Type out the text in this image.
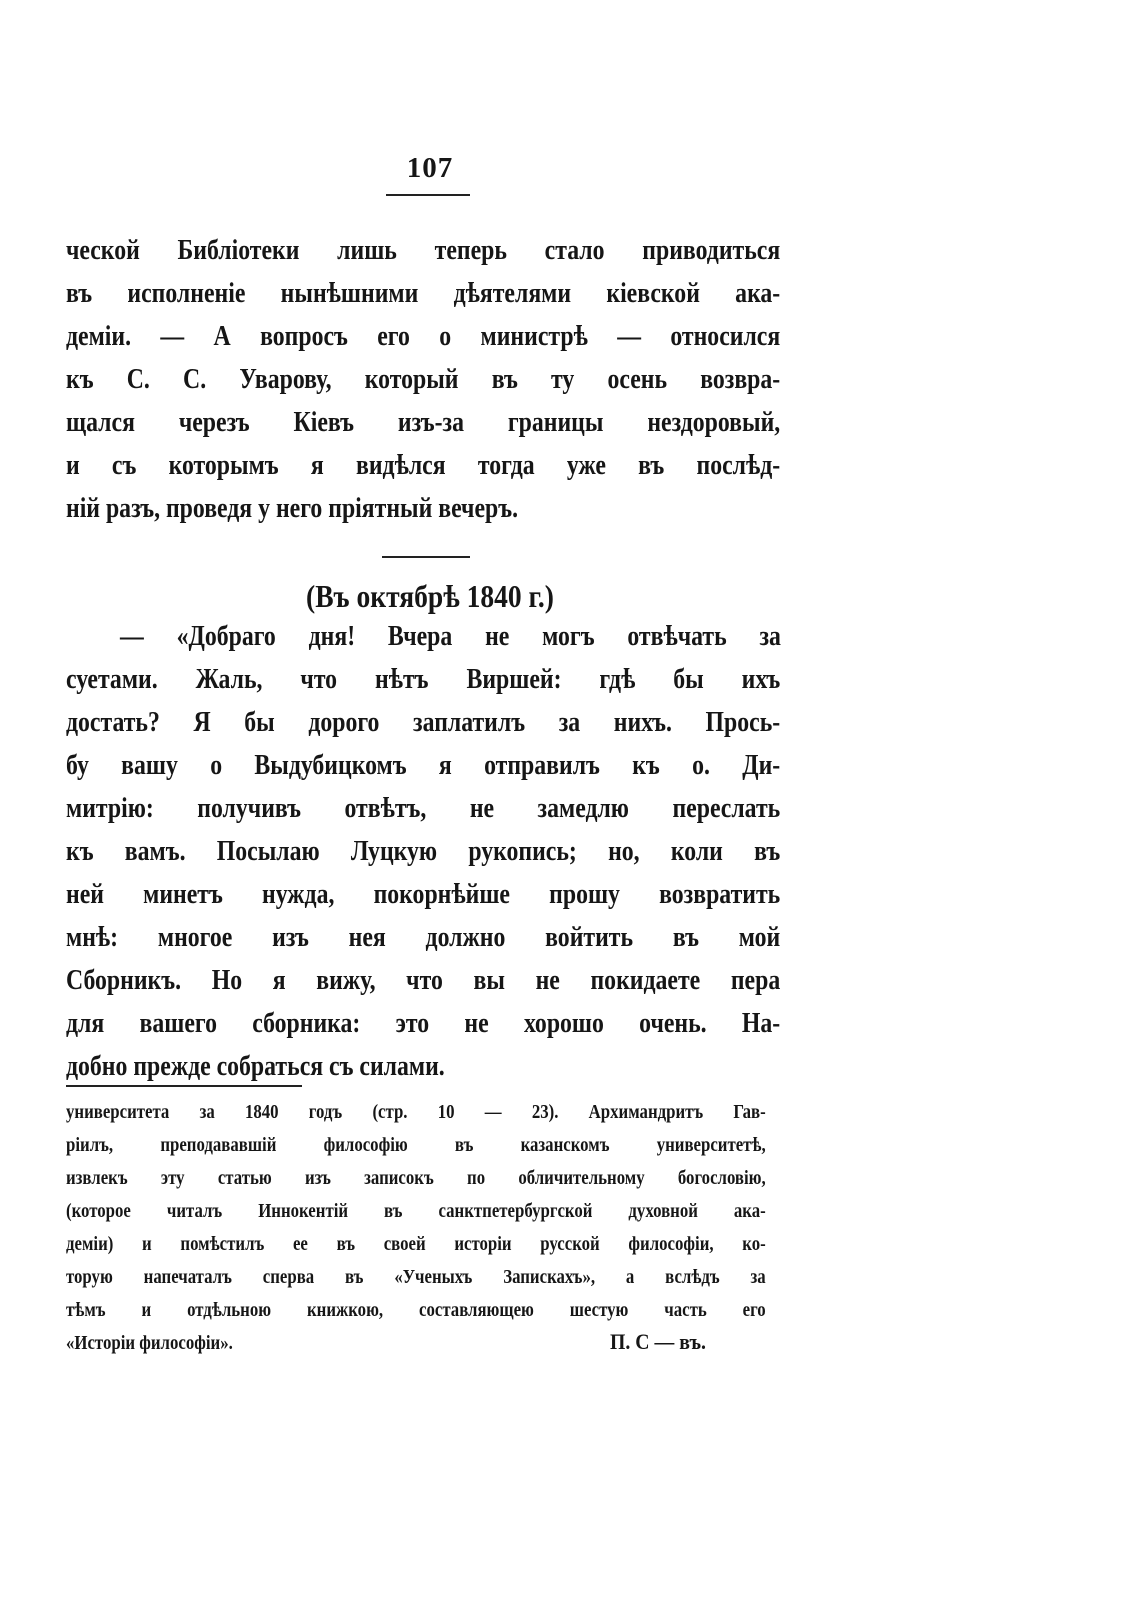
107

ческой Библіотеки лишь теперь стало приводиться

въ исполненіе нынѣшними дѣятелями кіевской ака-

деміи. — А вопросъ его о министрѣ — относился

къ С. С. Уварову, который въ ту осень возвра-

щался черезъ Кіевъ изъ-за границы нездоровый,

и съ которымъ я видѣлся тогда уже въ послѣд-

ній разъ, проведя у него пріятный вечеръ.

(Въ октябрѣ 1840 г.)

— «Добраго дня! Вчера не могъ отвѣчать за

суетами. Жаль, что нѣтъ Виршей: гдѣ бы ихъ

достать? Я бы дорого заплатилъ за нихъ. Прось-

бу вашу о Выдубицкомъ я отправилъ къ о. Ди-

митрію: получивъ отвѣтъ, не замедлю переслать

къ вамъ. Посылаю Луцкую рукопись; но, коли въ

ней минетъ нужда, покорнѣйше прошу возвратить

мнѣ: многое изъ нея должно войтить въ мой

Сборникъ. Но я вижу, что вы не покидаете пера

для вашего сборника: это не хорошо очень. На-

добно прежде собраться съ силами.

университета за 1840 годъ (стр. 10 — 23). Архимандритъ Гав-

ріилъ, преподававшій философію въ казанскомъ университетѣ,

извлекъ эту статью изъ записокъ по обличительному богословію,

(которое читалъ Иннокентій въ санктпетербургской духовной ака-

деміи) и помѣстилъ ее въ своей исторіи русской философіи, ко-

торую напечаталъ сперва въ «Ученыхъ Запискахъ», а вслѣдъ за

тѣмъ и отдѣльною книжкою, составляющею шестую часть его

«Исторіи философіи».	П. С — въ.
